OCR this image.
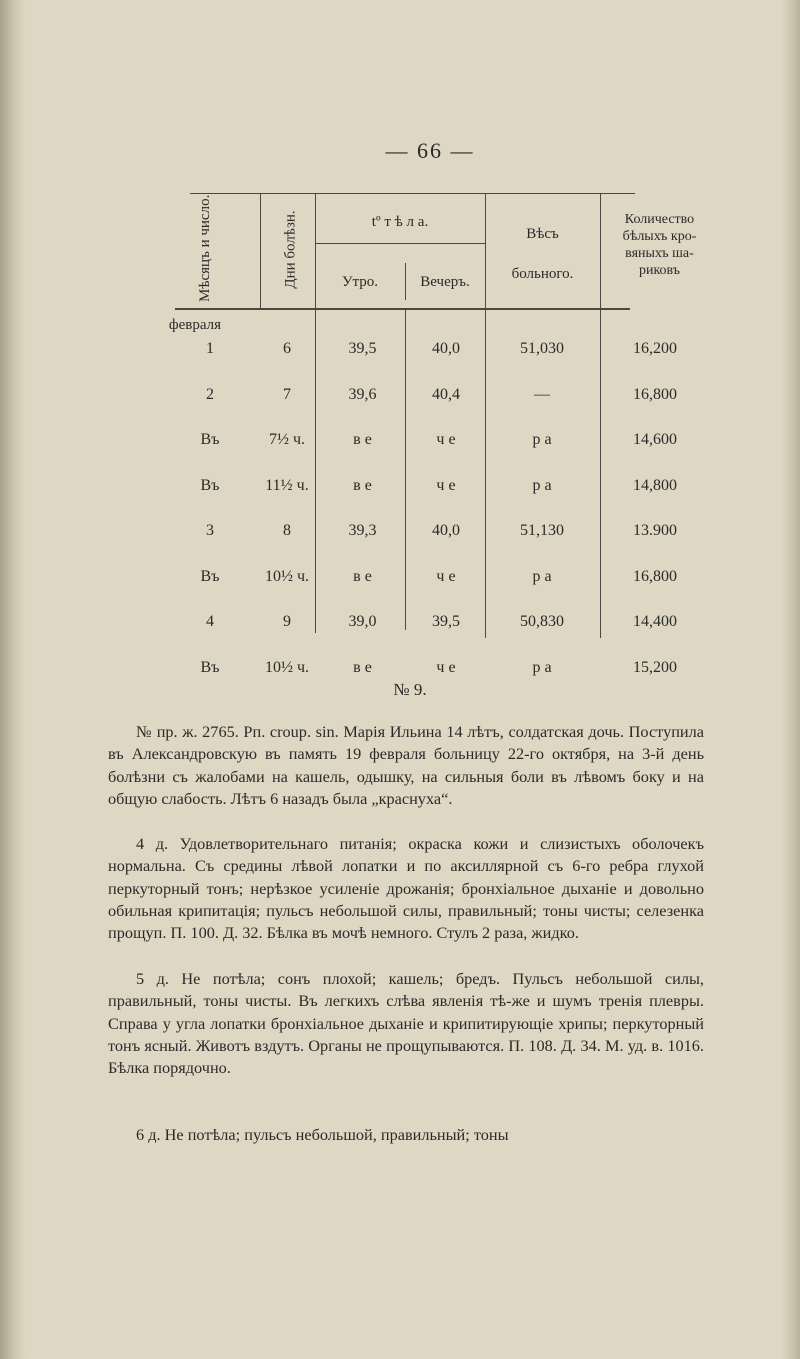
— 66 —
Мѣсяцъ и число.	Дни болѣзн.	tº т ѣ л а.
Утро.	Вечеръ.
Вѣсъ
больного.
Количество бѣлыхъ кро- вяныхъ ша- риковъ
февраля
1	6	39,5	40,0	51,030	16,200
2	7	39,6	40,4	—	16,800
Въ	7½ ч.	в е	ч е	р а	14,600
Въ	11½ ч.	в е	ч е	р а	14,800
3	8	39,3	40,0	51,130	13.900
Въ	10½ ч.	в е	ч е	р а	16,800
4	9	39,0	39,5	50,830	14,400
Въ	10½ ч.	в е	ч е	р а	15,200
№ 9.

№ пр. ж. 2765. Рп. croup. sin. Марія Ильина 14 лѣтъ, солдатская дочь. Поступила въ Александровскую въ память 19 февраля больницу 22-го октября, на 3-й день болѣзни съ жалобами на кашель, одышку, на сильныя боли въ лѣвомъ боку и на общую слабость. Лѣтъ 6 назадъ была „краснуха“.

4 д. Удовлетворительнаго питанія; окраска кожи и слизистыхъ оболочекъ нормальна. Съ средины лѣвой лопатки и по аксиллярной съ 6-го ребра глухой перкуторный тонъ; нерѣзкое усиленіе дрожанія; бронхіальное дыханіе и довольно обильная крипитація; пульсъ небольшой силы, правильный; тоны чисты; селезенка прощуп. П. 100. Д. 32. Бѣлка въ мочѣ немного. Стулъ 2 раза, жидко.

5 д. Не потѣла; сонъ плохой; кашель; бредъ. Пульсъ небольшой силы, правильный, тоны чисты. Въ легкихъ слѣва явленія тѣ-же и шумъ тренія плевры. Справа у угла лопатки бронхіальное дыханіе и крипитирующіе хрипы; перкуторный тонъ ясный. Животъ вздутъ. Органы не прощупываются. П. 108. Д. 34. М. уд. в. 1016. Бѣлка порядочно.

6 д. Не потѣла; пульсъ небольшой, правильный; тоны
